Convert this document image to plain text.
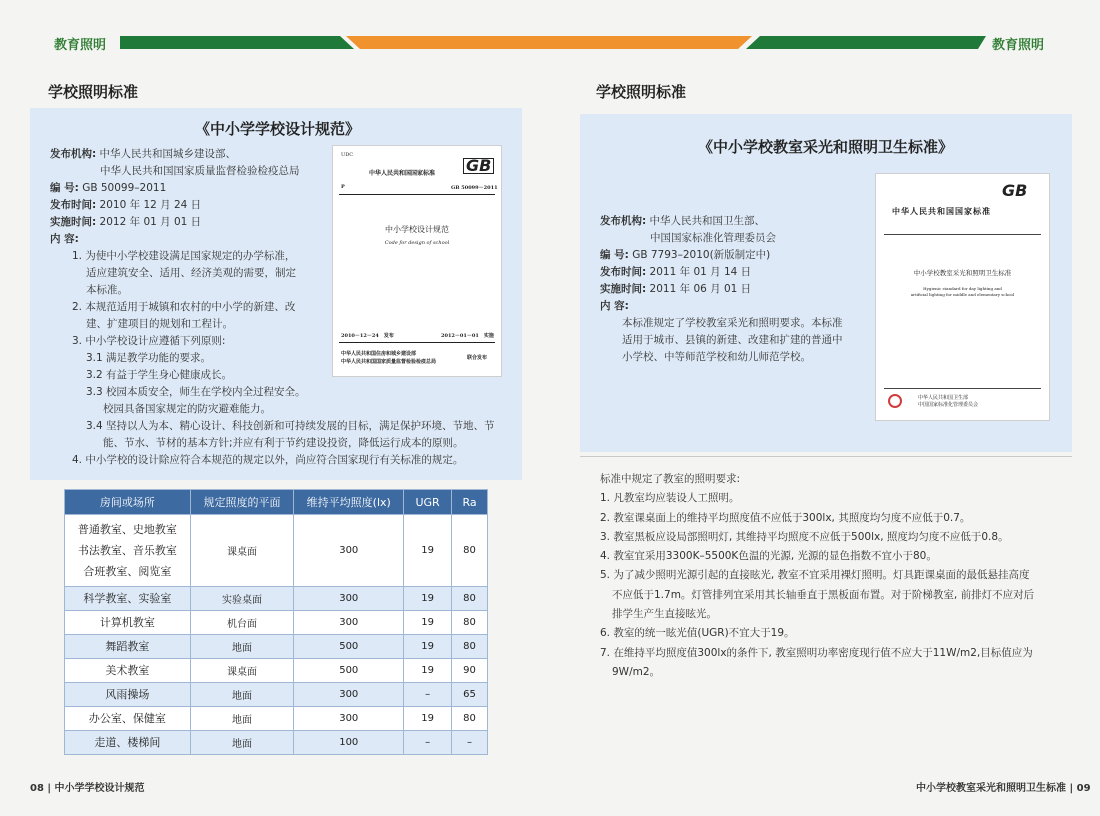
教育照明	教育照明
学校照明标准
《中小学学校设计规范》
发布机构: 中华人民共和国城乡建设部、
中华人民共和国国家质量监督检验检疫总局
编 号: GB 50099–2011
发布时间: 2010 年 12 月 24 日
实施时间: 2012 年 01 月 01 日
内 容:
1. 为使中小学校建设满足国家规定的办学标准，
适应建筑安全、适用、经济美观的需要，制定
本标准。
2. 本规范适用于城镇和农村的中小学的新建、改
建、扩建项目的规划和工程计。
3. 中小学校设计应遵循下列原则:
3.1 满足教学功能的要求。
3.2 有益于学生身心健康成长。
3.3 校园本质安全，师生在学校内全过程安全。
校园具备国家规定的防灾避难能力。
3.4 坚持以人为本、精心设计、科技创新和可持续发展的目标，满足保护环境、节地、节
能、节水、节材的基本方针;并应有利于节约建设投资，降低运行成本的原则。
4. 中小学校的设计除应符合本规范的规定以外，尚应符合国家现行有关标准的规定。
UDC
中华人民共和国国家标准 GB
P	GB 50099－2011
中小学校设计规范
Code for design of school
2010－12－24　发布	2012－01－01　实施
中华人民共和国住房和城乡建设部
中华人民共和国国家质量监督检验检疫总局
联合发布
房间或场所	规定照度的平面	维持平均照度(lx)	UGR	Ra

普通教室、史地教室
书法教室、音乐教室
合班教室、阅览室	课桌面	300	19	80
科学教室、实验室	实验桌面	300	19	80
计算机教室	机台面	300	19	80
舞蹈教室	地面	500	19	80
美术教室	课桌面	500	19	90
风雨操场	地面	300	–	65
办公室、保健室	地面	300	19	80
走道、楼梯间	地面	100	–	–
08 | 中小学学校设计规范
学校照明标准
《中小学校教室采光和照明卫生标准》
发布机构: 中华人民共和国卫生部、
中国国家标准化管理委员会
编 号: GB 7793–2010(新版制定中)
发布时间: 2011 年 01 月 14 日
实施时间: 2011 年 06 月 01 日
内 容:
本标准规定了学校教室采光和照明要求。本标准
适用于城市、县镇的新建、改建和扩建的普通中
小学校、中等师范学校和幼儿师范学校。
GB
中华人民共和国国家标准
中小学校教室采光和照明卫生标准
Hygienic standard for day lighting and
artificial lighting for middle and elementary school
中华人民共和国卫生部
中国国家标准化管理委员会
标准中规定了教室的照明要求:
1. 凡教室均应装设人工照明。
2. 教室课桌面上的维持平均照度值不应低于300lx, 其照度均匀度不应低于0.7。
3. 教室黑板应设局部照明灯, 其维持平均照度不应低于500lx, 照度均匀度不应低于0.8。
4. 教室宜采用3300K–5500K色温的光源, 光源的显色指数不宜小于80。
5. 为了减少照明光源引起的直接眩光, 教室不宜采用裸灯照明。灯具距课桌面的最低悬挂高度
不应低于1.7m。灯管排列宜采用其长轴垂直于黑板面布置。对于阶梯教室, 前排灯不应对后
排学生产生直接眩光。
6. 教室的统一眩光值(UGR)不宜大于19。
7. 在维持平均照度值300lx的条件下, 教室照明功率密度现行值不应大于11W/m2,目标值应为
9W/m2。
中小学校教室采光和照明卫生标准 | 09
